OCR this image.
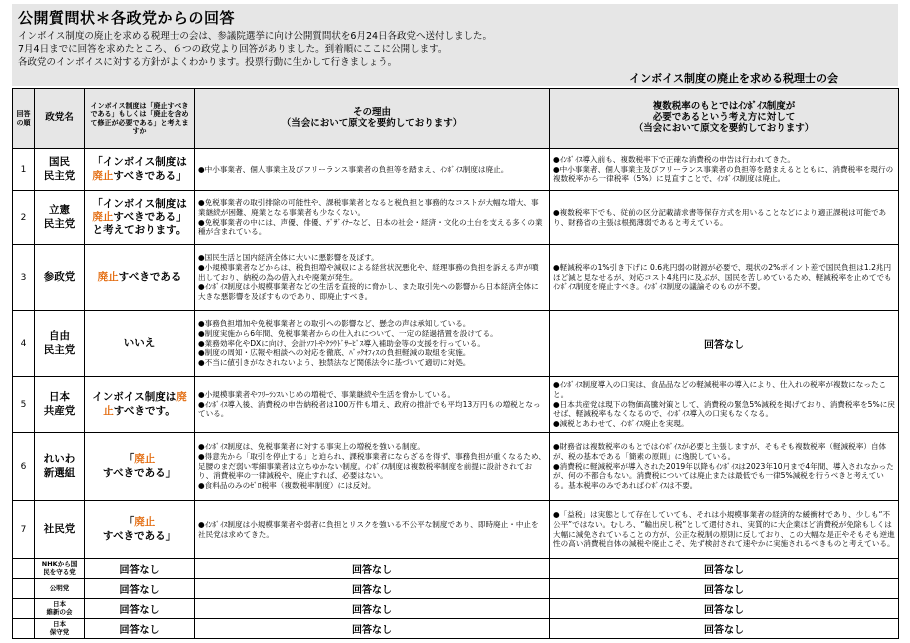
公開質問状＊各政党からの回答
インボイス制度の廃止を求める税理士の会は、参議院選挙に向け公開質問状を6月24日各政党へ送付しました。
7月4日までに回答を求めたところ、６つの政党より回答がありました。到着順にここに公開します。
各政党のインボイスに対する方針がよくわかります。投票行動に生かして行きましょう。
インボイス制度の廃止を求める税理士の会
回答の順	政党名	インボイス制度は「廃止すべきである」もしくは「廃止を含めて修正が必要である」と考えますか	その理由
（当会において原文を要約しております）	複数税率のもとではｲﾝﾎﾞｲｽ制度が
必要であるという考え方に対して
（当会において原文を要約しております）

1	国民
民主党	「インボイス制度は廃止すべきである」	●中小事業者、個人事業主及びフリーランス事業者の負担等を踏まえ、ｲﾝﾎﾞｲｽ制度は廃止。	●ｲﾝﾎﾞｲｽ導入前も、複数税率下で正確な消費税の申告は行われてきた。
●中小事業者、個人事業主及びフリーランス事業者の負担等を踏まえるとともに、消費税率を現行の複数税率から一律税率（5%）に見直すことで、ｲﾝﾎﾞｲｽ制度は廃止。

2	立憲
民主党	「インボイス制度は廃止すべきである」と考えております。	●免税事業者の取引排除の可能性や、課税事業者となると税負担と事務的なコストが大幅な増大、事業継続が困難、廃業となる事業者も少なくない。
●免税事業者の中には、声優、俳優、ﾃﾞｻﾞｲﾅｰなど、日本の社会・経済・文化の土台を支える多くの業種が含まれている。	●複数税率下でも、従前の区分記載請求書等保存方式を用いることなどにより適正課税は可能であり、財務省の主張は根拠薄弱であると考えている。

3	参政党	廃止すべきである	●国民生活と国内経済全体に大いに悪影響を及ぼす。
●小規模事業者などからは、税負担増や減収による経営状況悪化や、経理事務の負担を訴える声が噴出しており、納税の為の借入れや廃業が発生。
●ｲﾝﾎﾞｲｽ制度は小規模事業者などの生活を直接的に脅かし、また取引先への影響から日本経済全体に大きな悪影響を及ぼすものであり、即廃止すべき。	●軽減税率の1%引き下げに 0.6兆円弱の財源が必要で、現状の2%ポイント差で国民負担は1.2兆円ほど減と見なせるが、対応コスト4兆円に及ぶが、国民を苦しめているため、軽減税率を止めてでもｲﾝﾎﾞｲｽ制度を廃止すべき。ｲﾝﾎﾞｲｽ制度の議論そのものが不要。

4	自由
民主党	いいえ	●事務負担増加や免税事業者との取引への影響など、懸念の声は承知している。
●制度実施から6年間、免税事業者からの仕入れについて、一定の経過措置を設けてる。
●業務効率化やDXに向け、会計ｿﾌﾄやｸﾗｳﾄﾞｻｰﾋﾞｽ導入補助金等の支援を行っている。
●制度の周知・広報や相談への対応を徹底、ﾊﾞｯｸｵﾌｨｽの負担軽減の取組を実施。
●不当に値引きがなされないよう、独禁法など関係法令に基づいて適切に対処。	回答なし
5	日本
共産党	インボイス制度は廃止すべきです。	●小規模事業者やﾌﾘｰﾗﾝｽいじめの増税で、事業継続や生活を脅かしている。
●ｲﾝﾎﾞｲｽ導入後、消費税の申告納税者は100万件も増え、政府の推計でも平均13万円もの増税となっている。	●ｲﾝﾎﾞｲｽ制度導入の口実は、食品品などの軽減税率の導入により、仕入れの税率が複数になったこと。
●日本共産党は現下の物価高騰対策として、消費税の緊急5%減税を掲げており、消費税率を5%に戻せば、軽減税率もなくなるので、ｲﾝﾎﾞｲｽ導入の口実もなくなる。
●減税とあわせて、ｲﾝﾎﾞｲｽ廃止を実現。

6	れいわ
新選組	「廃止すべきである」	●ｲﾝﾎﾞｲｽ制度は、免税事業者に対する事実上の増税を強いる制度。
●得意先から「取引を停止する」と迫られ、課税事業者にならざるを得ず、事務負担が重くなるため、足腰のまだ弱い零細事業者は立ちゆかない制度。ｲﾝﾎﾞｲｽ制度は複数税率制度を前提に設計されており、消費税率の一律減税や、廃止すれば、必要はない。
●食料品のみのｾﾞﾛ税率（複数税率制度）には反対。	●財務省は複数税率のもとではｲﾝﾎﾞｲｽが必要と主張しますが、そもそも複数税率（軽減税率）自体が、税の基本である「簡素の原則」に逸脱している。
●消費税に軽減税率が導入された2019年以降もｲﾝﾎﾞｲｽは2023年10月まで4年間、導入されなかったが、何の不都合もない。消費税については廃止または最低でも一律5%減税を行うべきと考えている。基本税率のみであればｲﾝﾎﾞｲｽは不要。

7	社民党	「廃止すべきである」	●ｲﾝﾎﾞｲｽ制度は小規模事業者や弱者に負担とリスクを強いる不公平な制度であり、即時廃止・中止を社民党は求めてきた。	●「益税」は実態として存在していても、それは小規模事業者の経済的な緩衝材であり、少しも“不公平”ではない。むしろ、“輸出戻し税”として還付され、実質的に大企業ほど消費税が免除もしくは大幅に減免されていることの方が、公正な税制の原則に反しており、この大幅な是正やそもそも逆進性の高い消費税自体の減税や廃止こそ、先ず検討されて速やかに実施されるべきものと考えている。

	NHKから国
民を守る党	回答なし	回答なし	回答なし

	公明党	回答なし	回答なし	回答なし

	日本
維新の会	回答なし	回答なし	回答なし

	日本
保守党	回答なし	回答なし	回答なし
